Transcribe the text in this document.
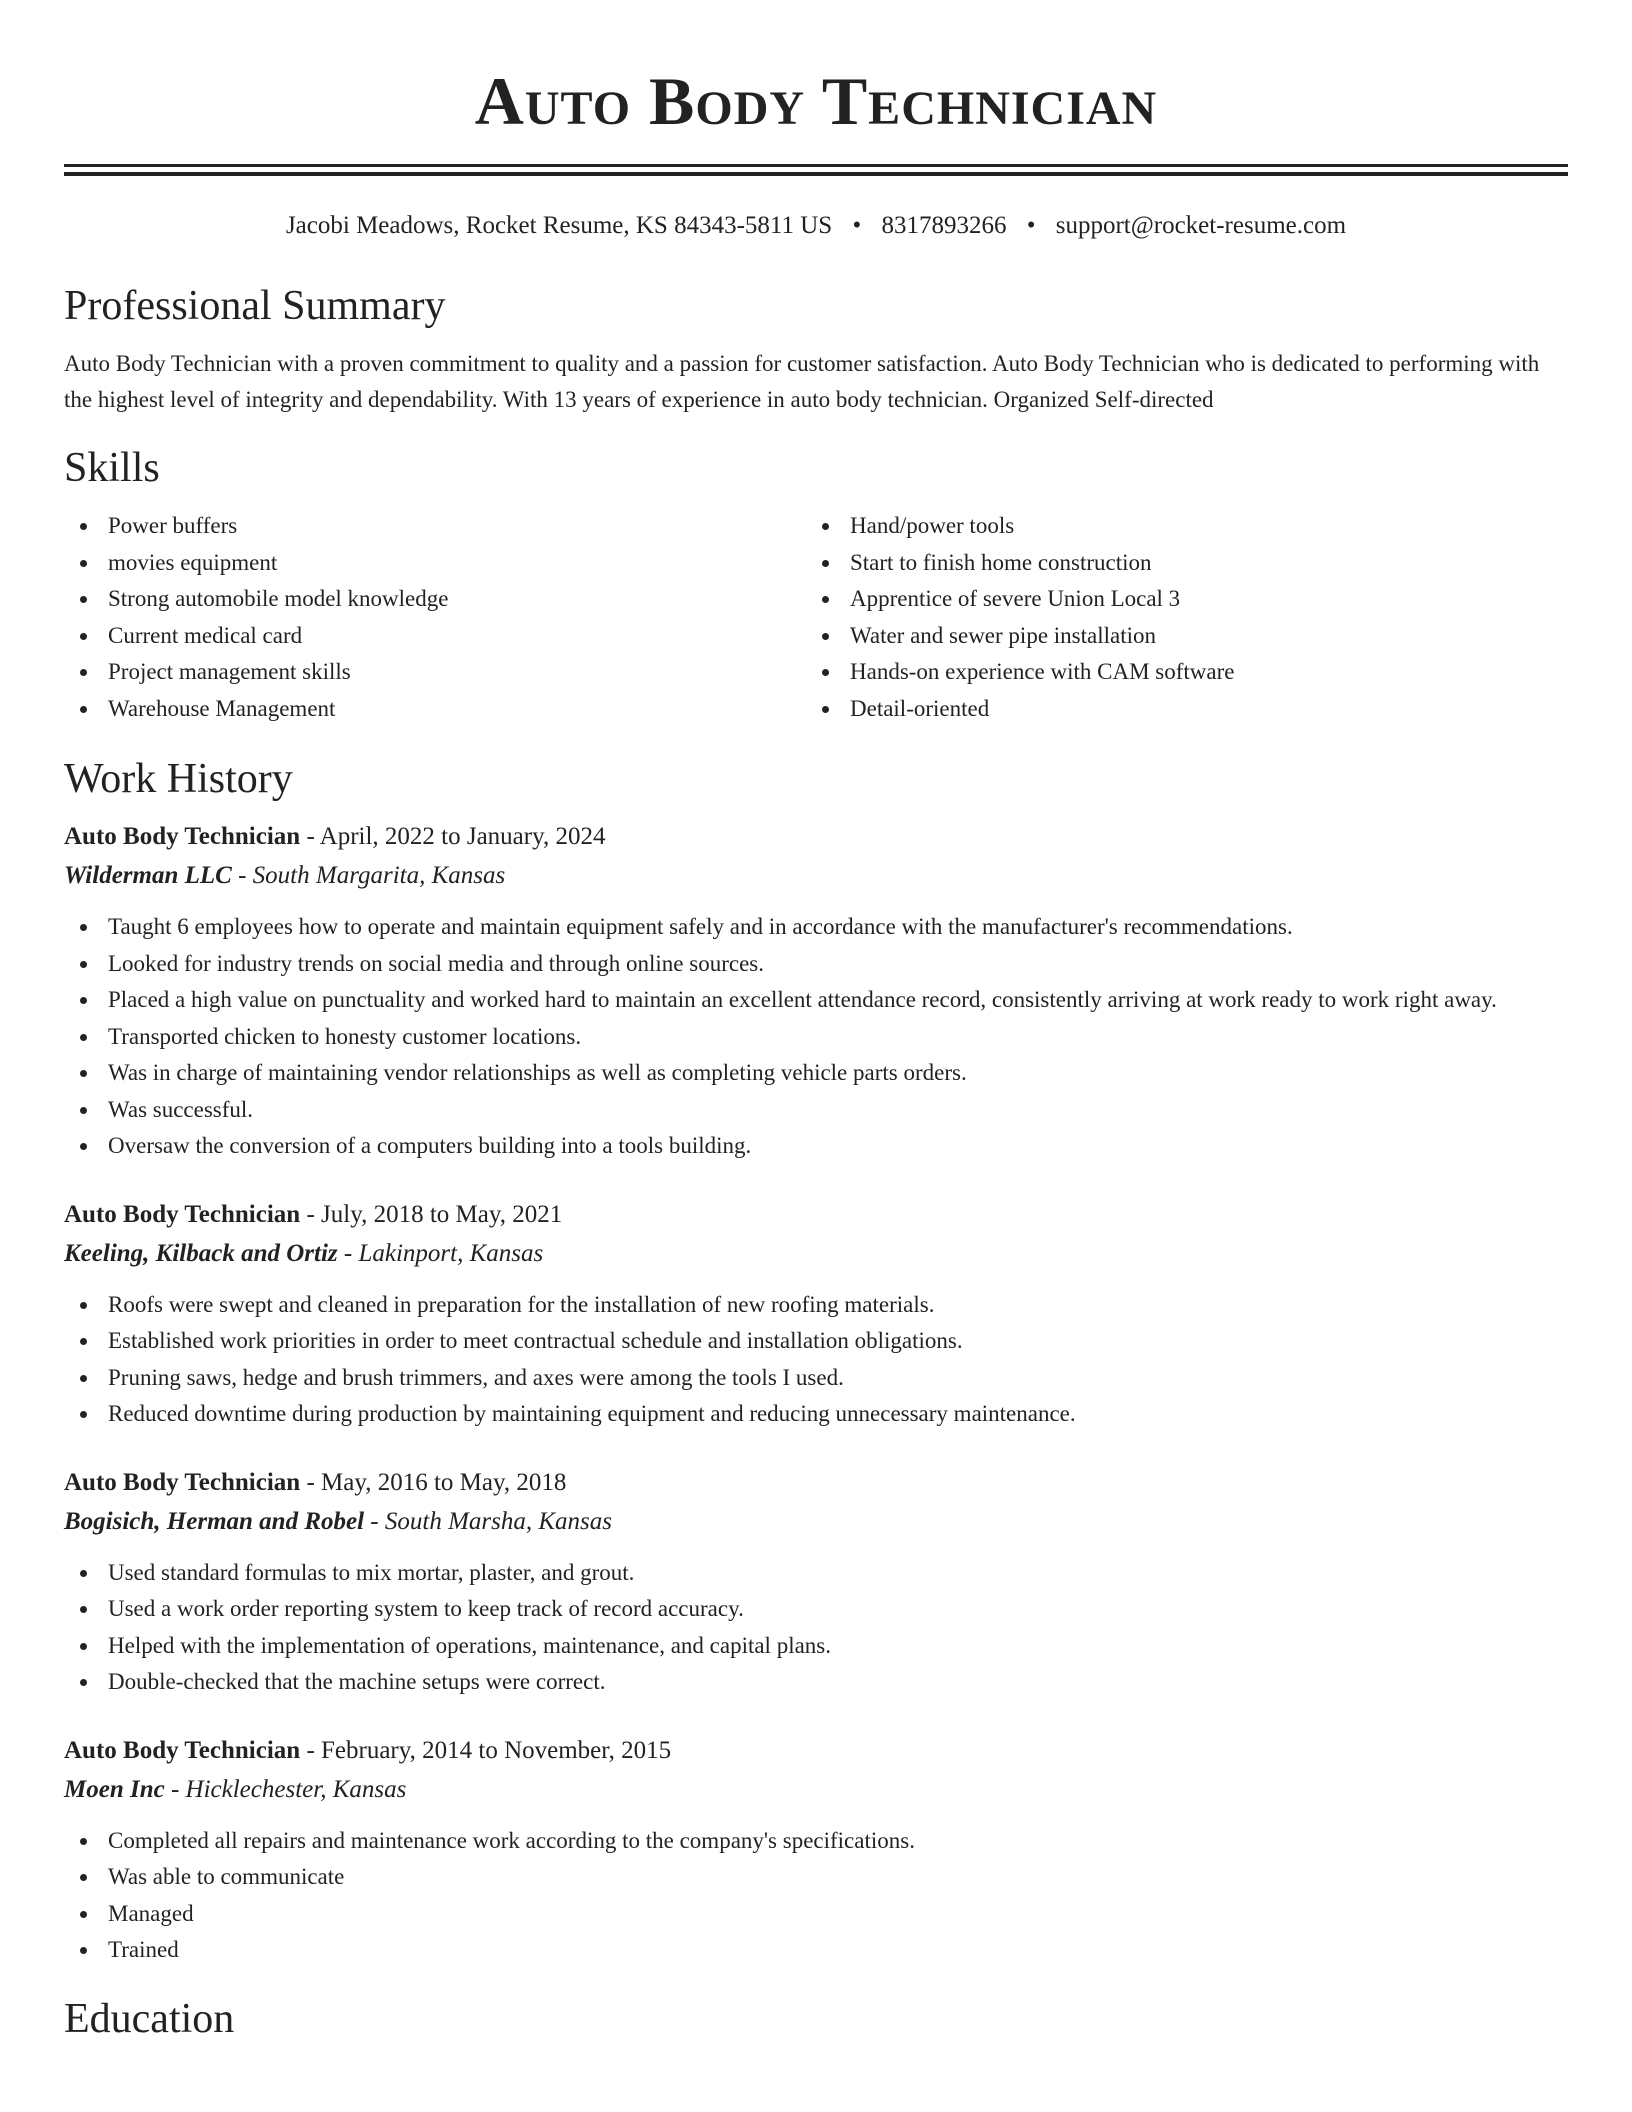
Auto Body Technician
Jacobi Meadows, Rocket Resume, KS 84343-5811 US • 8317893266 • support@rocket-resume.com
Professional Summary

Auto Body Technician with a proven commitment to quality and a passion for customer satisfaction. Auto Body Technician who is dedicated to performing with the highest level of integrity and dependability. With 13 years of experience in auto body technician. Organized Self-directed

Skills
Power buffers
movies equipment
Strong automobile model knowledge
Current medical card
Project management skills
Warehouse Management
Hand/power tools
Start to finish home construction
Apprentice of severe Union Local 3
Water and sewer pipe installation
Hands-on experience with CAM software
Detail-oriented
Work History
Auto Body Technician - April, 2022 to January, 2024
Wilderman LLC - South Margarita, Kansas
Taught 6 employees how to operate and maintain equipment safely and in accordance with the manufacturer's recommendations.
Looked for industry trends on social media and through online sources.
Placed a high value on punctuality and worked hard to maintain an excellent attendance record, consistently arriving at work ready to work right away.
Transported chicken to honesty customer locations.
Was in charge of maintaining vendor relationships as well as completing vehicle parts orders.
Was successful.
Oversaw the conversion of a computers building into a tools building.
Auto Body Technician - July, 2018 to May, 2021
Keeling, Kilback and Ortiz - Lakinport, Kansas
Roofs were swept and cleaned in preparation for the installation of new roofing materials.
Established work priorities in order to meet contractual schedule and installation obligations.
Pruning saws, hedge and brush trimmers, and axes were among the tools I used.
Reduced downtime during production by maintaining equipment and reducing unnecessary maintenance.
Auto Body Technician - May, 2016 to May, 2018
Bogisich, Herman and Robel - South Marsha, Kansas
Used standard formulas to mix mortar, plaster, and grout.
Used a work order reporting system to keep track of record accuracy.
Helped with the implementation of operations, maintenance, and capital plans.
Double-checked that the machine setups were correct.
Auto Body Technician - February, 2014 to November, 2015
Moen Inc - Hicklechester, Kansas
Completed all repairs and maintenance work according to the company's specifications.
Was able to communicate
Managed
Trained
Education
